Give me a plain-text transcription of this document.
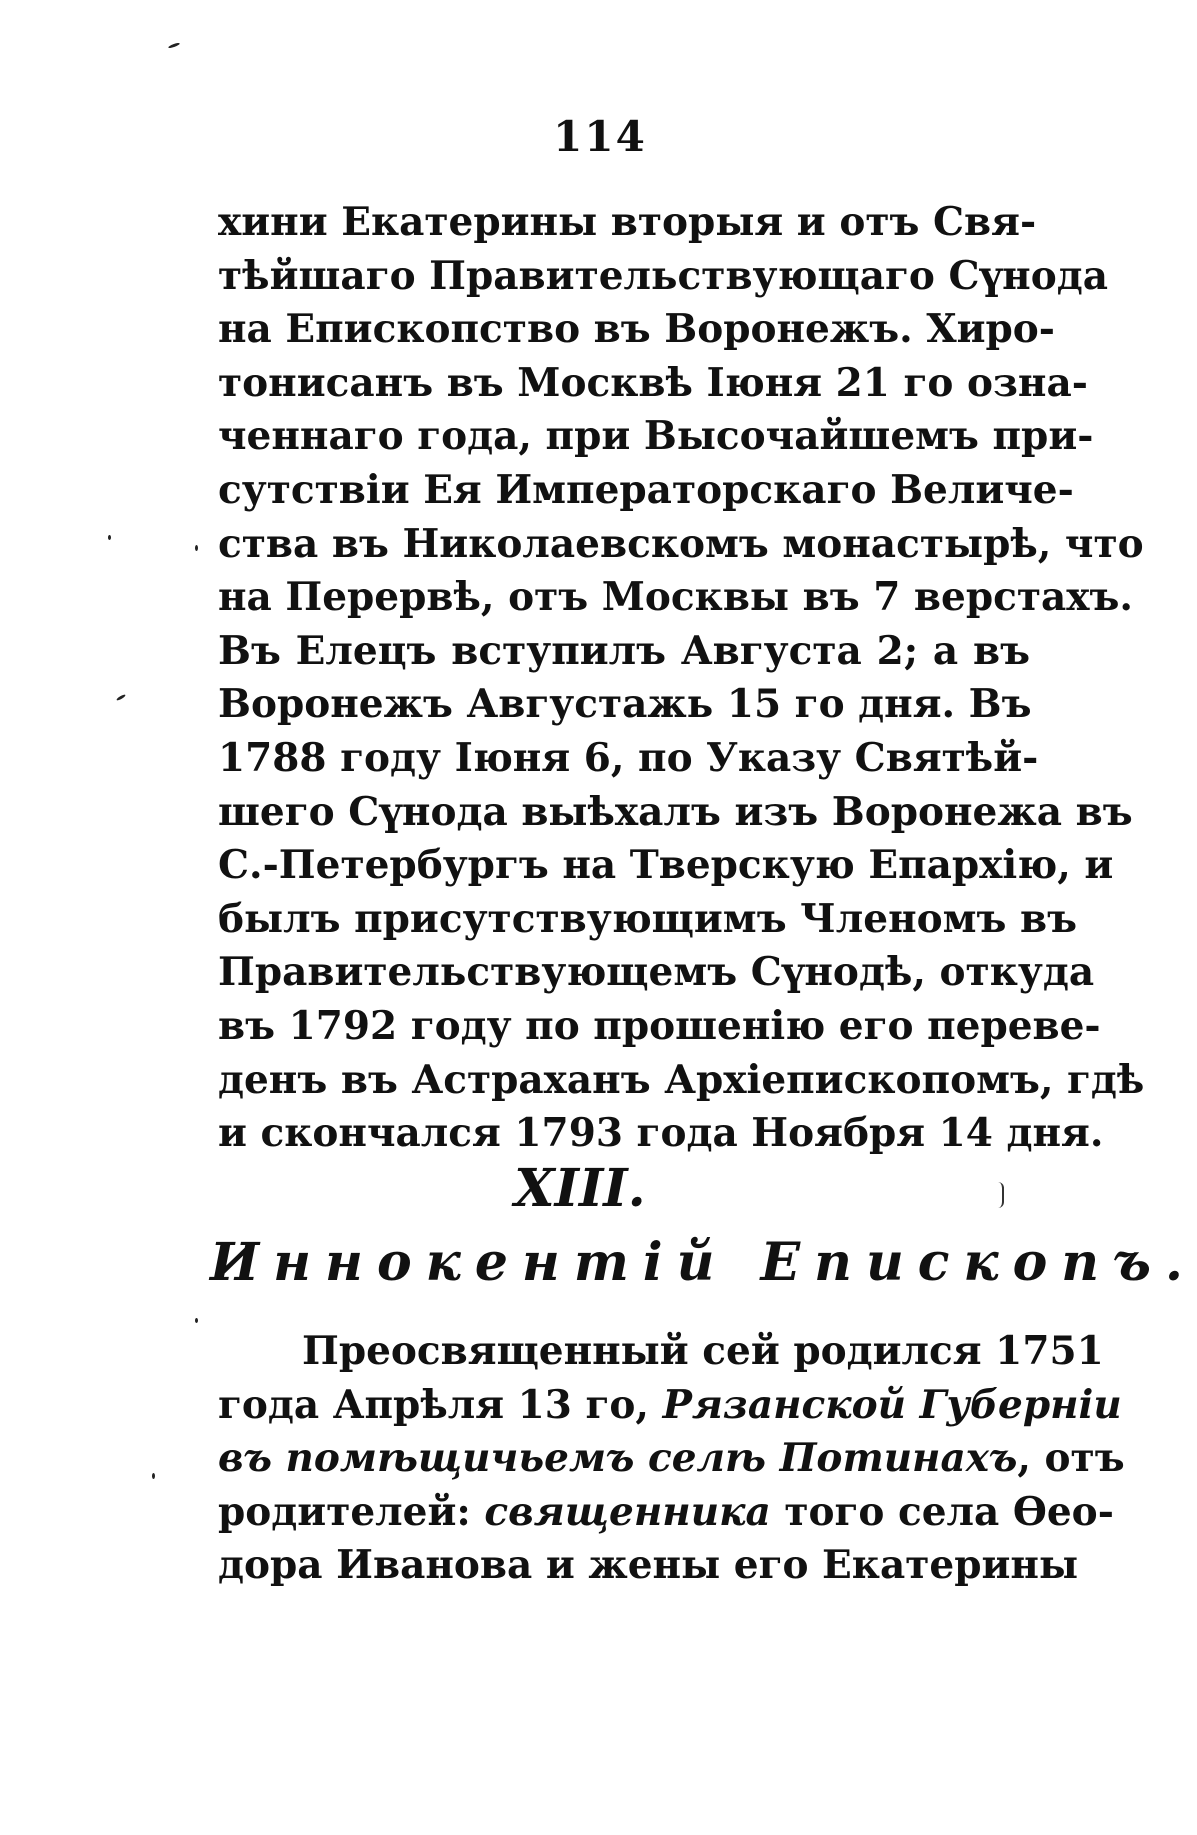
114
хини Екатерины вторыя и отъ Свя-
тѣйшаго Правительствующаго Сүнода
на Епископство въ Воронежъ. Хиро-
тонисанъ въ Москвѣ Іюня 21 го озна-
ченнаго года, при Высочайшемъ при-
сутствіи Ея Императорскаго Величе-
ства въ Николаевскомъ монастырѣ, что
на Перервѣ, отъ Москвы въ 7 верстахъ.
Въ Елецъ вступилъ Августа 2; а въ
Воронежъ Августажь 15 го дня. Въ
1788 году Іюня 6, по Указу Святѣй-
шего Сүнода выѣхалъ изъ Воронежа въ
С.-Петербургъ на Тверскую Епархію, и
былъ присутствующимъ Членомъ въ
Правительствующемъ Сүнодѣ, откуда
въ 1792 году по прошенію его переве-
денъ въ Астраханъ Архіепископомъ, гдѣ
и скончался 1793 года Ноября 14 дня.
XIII.
Иннокентій Епископъ.
Преосвященный сей родился 1751
года Апрѣля 13 го, Рязанской Губерніи
въ помѣщичьемъ селѣ Потинахъ, отъ
родителей: священника того села Ѳео-
дора Иванова и жены его Екатерины
